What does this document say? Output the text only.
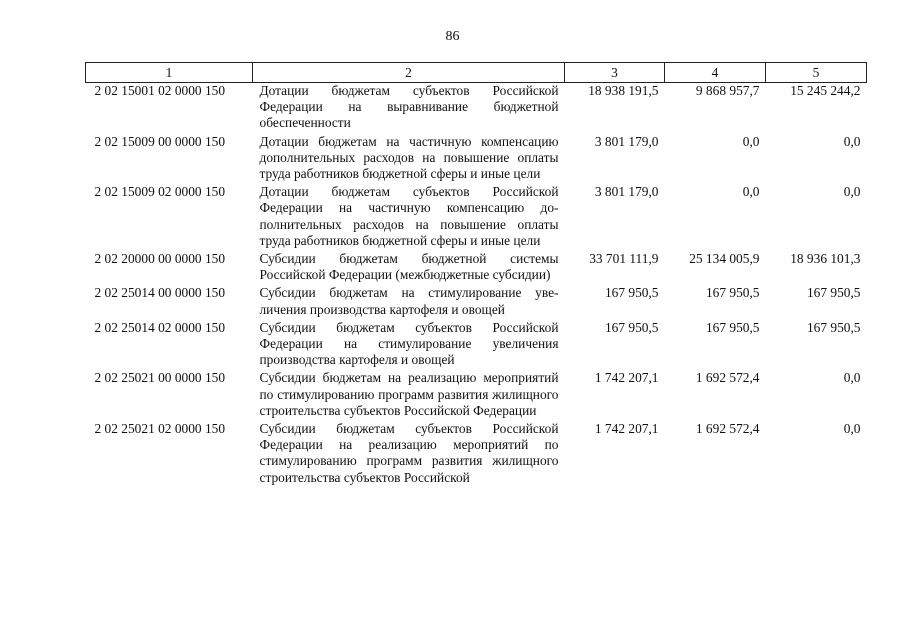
86
1	2	3	4	5
2 02 15001 02 0000 150	Дотации бюджетам субъектов Российской Федерации на выравнивание бюджетной обеспеченности	18 938 191,5	9 868 957,7	15 245 244,2
2 02 15009 00 0000 150	Дотации бюджетам на частичную компенсацию дополнительных расходов на повышение оплаты труда работников бюджетной сферы и иные цели	3 801 179,0	0,0	0,0
2 02 15009 02 0000 150	Дотации бюджетам субъектов Российской Федерации на частичную компенсацию дополнительных расходов на повышение оплаты труда работников бюджетной сферы и иные цели	3 801 179,0	0,0	0,0
2 02 20000 00 0000 150	Субсидии бюджетам бюджетной системы Российской Федерации (межбюджетные субсидии)	33 701 111,9	25 134 005,9	18 936 101,3
2 02 25014 00 0000 150	Субсидии бюджетам на стимулирование увеличения производства картофеля и овощей	167 950,5	167 950,5	167 950,5
2 02 25014 02 0000 150	Субсидии бюджетам субъектов Российской Федерации на стимулирование увеличения производства картофеля и овощей	167 950,5	167 950,5	167 950,5
2 02 25021 00 0000 150	Субсидии бюджетам на реализацию мероприятий по стимулированию программ развития жилищного строительства субъектов Российской Федерации	1 742 207,1	1 692 572,4	0,0
2 02 25021 02 0000 150	Субсидии бюджетам субъектов Российской Федерации на реализацию мероприятий по стимулированию программ развития жилищного строительства субъектов Российской	1 742 207,1	1 692 572,4	0,0
